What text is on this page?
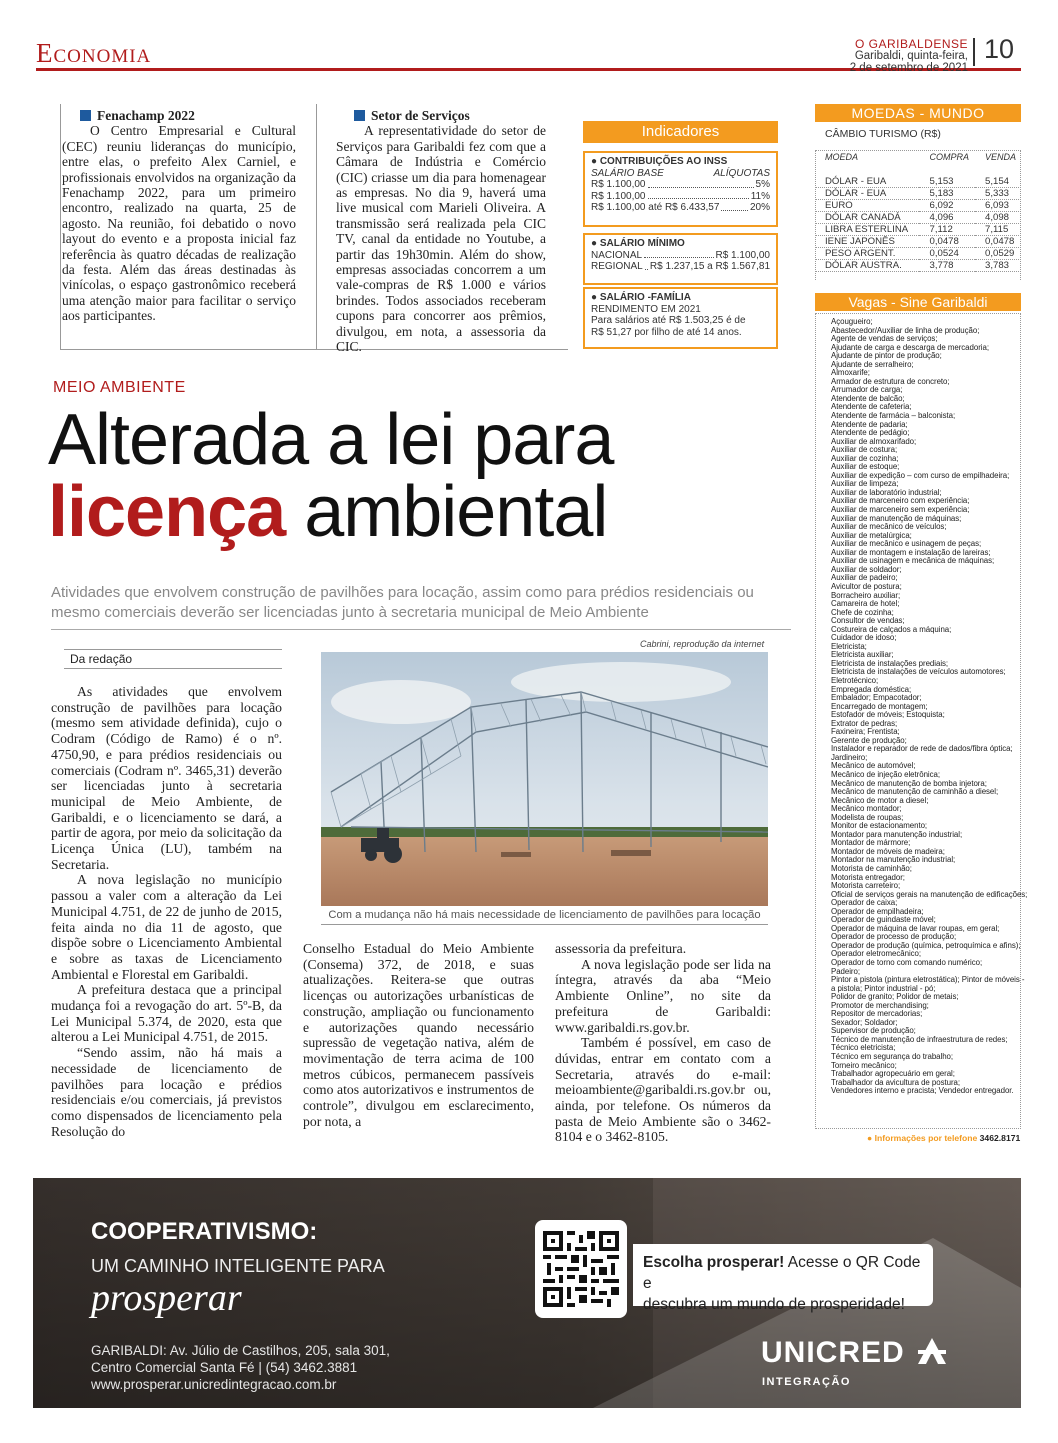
Economia	O GARIBALDENSE
Garibaldi, quinta-feira,
2 de setembro de 2021
10
Fenachamp 2022

O Centro Empresarial e Cultural (CEC) reuniu lideranças do município, entre elas, o prefeito Alex Carniel, e profissionais envolvidos na organização da Fenachamp 2022, para um primeiro encontro, realizado na quarta, 25 de agosto. Na reunião, foi debatido o novo layout do evento e a proposta inicial faz referência às quatro décadas de realização da festa. Além das áreas destinadas às vinícolas, o espaço gastronômico receberá uma atenção maior para facilitar o serviço aos participantes.

Setor de Serviços

A representatividade do setor de Serviços para Garibaldi fez com que a Câmara de Indústria e Comércio (CIC) criasse um dia para homenagear as empresas. No dia 9, haverá uma live musical com Marieli Oliveira. A transmissão será realizada pela CIC TV, canal da entidade no Youtube, a partir das 19h30min. Além do show, empresas associadas concorrem a um vale-compras de R$ 1.000 e vários brindes. Todos associados receberam cupons para concorrer aos prêmios, divulgou, em nota, a assessoria da CIC.

Indicadores
● CONTRIBUIÇÕES AO INSS
SALÁRIO BASE	ALÍQUOTAS
R$ 1.100,00	5%
R$ 1.100,00	11%
R$ 1.100,00 até R$ 6.433,57	20%
● SALÁRIO MÍNIMO
NACIONAL	R$ 1.100,00
REGIONAL R$ 1.237,15 a R$ 1.567,81
● SALÁRIO -FAMÍLIA
RENDIMENTO EM 2021
Para salários até R$ 1.503,25 é de
R$ 51,27 por filho de até 14 anos.
MOEDAS - MUNDO
CÂMBIO TURISMO (R$)
MOEDA	COMPRA	VENDA
DÓLAR - EUA	5,153	5,154
DÓLAR - EUA	5,183	5,333
EURO	6,092	6,093
DÓLAR CANADÁ	4,096	4,098
LIBRA ESTERLINA	7,112	7,115
IENE JAPONÊS	0,0478	0,0478
PESO ARGENT.	0,0524	0,0529
DÓLAR AUSTRA.	3,778	3,783
Vagas - Sine Garibaldi
Açougueiro;
Abastecedor/Auxiliar de linha de produção;
Agente de vendas de serviços;
Ajudante de carga e descarga de mercadoria;
Ajudante de pintor de produção;
Ajudante de serralheiro;
Almoxarife;
Armador de estrutura de concreto;
Arrumador de carga;
Atendente de balcão;
Atendente de cafeteria;
Atendente de farmácia – balconista;
Atendente de padaria;
Atendente de pedágio;
Auxiliar de almoxarifado;
Auxiliar de costura;
Auxiliar de cozinha;
Auxiliar de estoque;
Auxiliar de expedição – com curso de empilhadeira;
Auxiliar de limpeza;
Auxiliar de laboratório industrial;
Auxiliar de marceneiro com experiência;
Auxiliar de marceneiro sem experiência;
Auxiliar de manutenção de máquinas;
Auxiliar de mecânico de veículos;
Auxiliar de metalúrgica;
Auxiliar de mecânico e usinagem de peças;
Auxiliar de montagem e instalação de lareiras;
Auxiliar de usinagem e mecânica de máquinas;
Auxiliar de soldador;
Auxiliar de padeiro;
Avicultor de postura;
Borracheiro auxiliar;
Camareira de hotel;
Chefe de cozinha;
Consultor de vendas;
Costureira de calçados a máquina;
Cuidador de idoso;
Eletricista;
Eletricista auxiliar;
Eletricista de instalações prediais;
Eletricista de instalações de veículos automotores;
Eletrotécnico;
Empregada doméstica;
Embalador; Empacotador;
Encarregado de montagem;
Estofador de móveis; Estoquista;
Extrator de pedras;
Faxineira; Frentista;
Gerente de produção;
Instalador e reparador de rede de dados/fibra óptica;
Jardineiro;
Mecânico de automóvel;
Mecânico de injeção eletrônica;
Mecânico de manutenção de bomba injetora;
Mecânico de manutenção de caminhão a diesel;
Mecânico de motor a diesel;
Mecânico montador;
Modelista de roupas;
Monitor de estacionamento;
Montador para manutenção industrial;
Montador de mármore;
Montador de móveis de madeira;
Montador na manutenção industrial;
Motorista de caminhão;
Motorista entregador;
Motorista carreteiro;
Oficial de serviços gerais na manutenção de edificações;
Operador de caixa;
Operador de empilhadeira;
Operador de guindaste móvel;
Operador de máquina de lavar roupas, em geral;
Operador de processo de produção;
Operador de produção (química, petroquímica e afins);
Operador eletromecânico;
Operador de torno com comando numérico;
Padeiro;
Pintor a pistola (pintura eletrostática); Pintor de móveis -
a pistola; Pintor industrial - pó;
Polidor de granito; Polidor de metais;
Promotor de merchandising;
Repositor de mercadorias;
Sexador; Soldador;
Supervisor de produção;
Técnico de manutenção de infraestrutura de redes;
Técnico eletricista;
Técnico em segurança do trabalho;
Torneiro mecânico;
Trabalhador agropecuário em geral;
Trabalhador da avicultura de postura;
Vendedores interno e pracista; Vendedor entregador.
● Informações por telefone 3462.8171
MEIO AMBIENTE
Alterada a lei para
licença ambiental
Atividades que envolvem construção de pavilhões para locação, assim como para prédios residenciais ou mesmo comerciais deverão ser licenciadas junto à secretaria municipal de Meio Ambiente
Da redação
Cabrini, reprodução da internet
Com a mudança não há mais necessidade de licenciamento de pavilhões para locação

As atividades que envolvem construção de pavilhões para locação (mesmo sem atividade definida), cujo o Codram (Código de Ramo) é o nº. 4750,90, e para prédios residenciais ou comerciais (Codram nº. 3465,31) deverão ser licenciadas junto à secretaria municipal de Meio Ambiente, de Garibaldi, e o licenciamento se dará, a partir de agora, por meio da solicitação da Licença Única (LU), também na Secretaria.

A nova legislação no município passou a valer com a alteração da Lei Municipal 4.751, de 22 de junho de 2015, feita ainda no dia 11 de agosto, que dispõe sobre o Licenciamento Ambiental e sobre as taxas de Licenciamento Ambiental e Florestal em Garibaldi.

A prefeitura destaca que a principal mudança foi a revogação do art. 5º-B, da Lei Municipal 5.374, de 2020, esta que alterou a Lei Municipal 4.751, de 2015.

“Sendo assim, não há mais a necessidade de licenciamento de pavilhões para locação e prédios residenciais e/ou comerciais, já previstos como dispensados de licenciamento pela Resolução do

Conselho Estadual do Meio Ambiente (Consema) 372, de 2018, e suas atualizações. Reitera-se que outras licenças ou autorizações urbanísticas de construção, ampliação ou funcionamento e autorizações quando necessário supressão de vegetação nativa, além de movimentação de terra acima de 100 metros cúbicos, permanecem passíveis como atos autorizativos e instrumentos de controle”, divulgou em esclarecimento, por nota, a
assessoria da prefeitura.

A nova legislação pode ser lida na íntegra, através da aba “Meio Ambiente Online”, no site da prefeitura de Garibaldi: www.garibaldi.rs.gov.br.

Também é possível, em caso de dúvidas, entrar em contato com a Secretaria, através do e-mail: meioambiente@garibaldi.rs.gov.br ou, ainda, por telefone. Os números da pasta de Meio Ambiente são o 3462-8104 e o 3462-8105.

COOPERATIVISMO:
UM CAMINHO INTELIGENTE PARA
prosperar
GARIBALDI: Av. Júlio de Castilhos, 205, sala 301,
Centro Comercial Santa Fé | (54) 3462.3881
www.prosperar.unicredintegracao.com.br
Escolha prosperar! Acesse o QR Code e
descubra um mundo de prosperidade!
UNICRED
INTEGRAÇÃO
